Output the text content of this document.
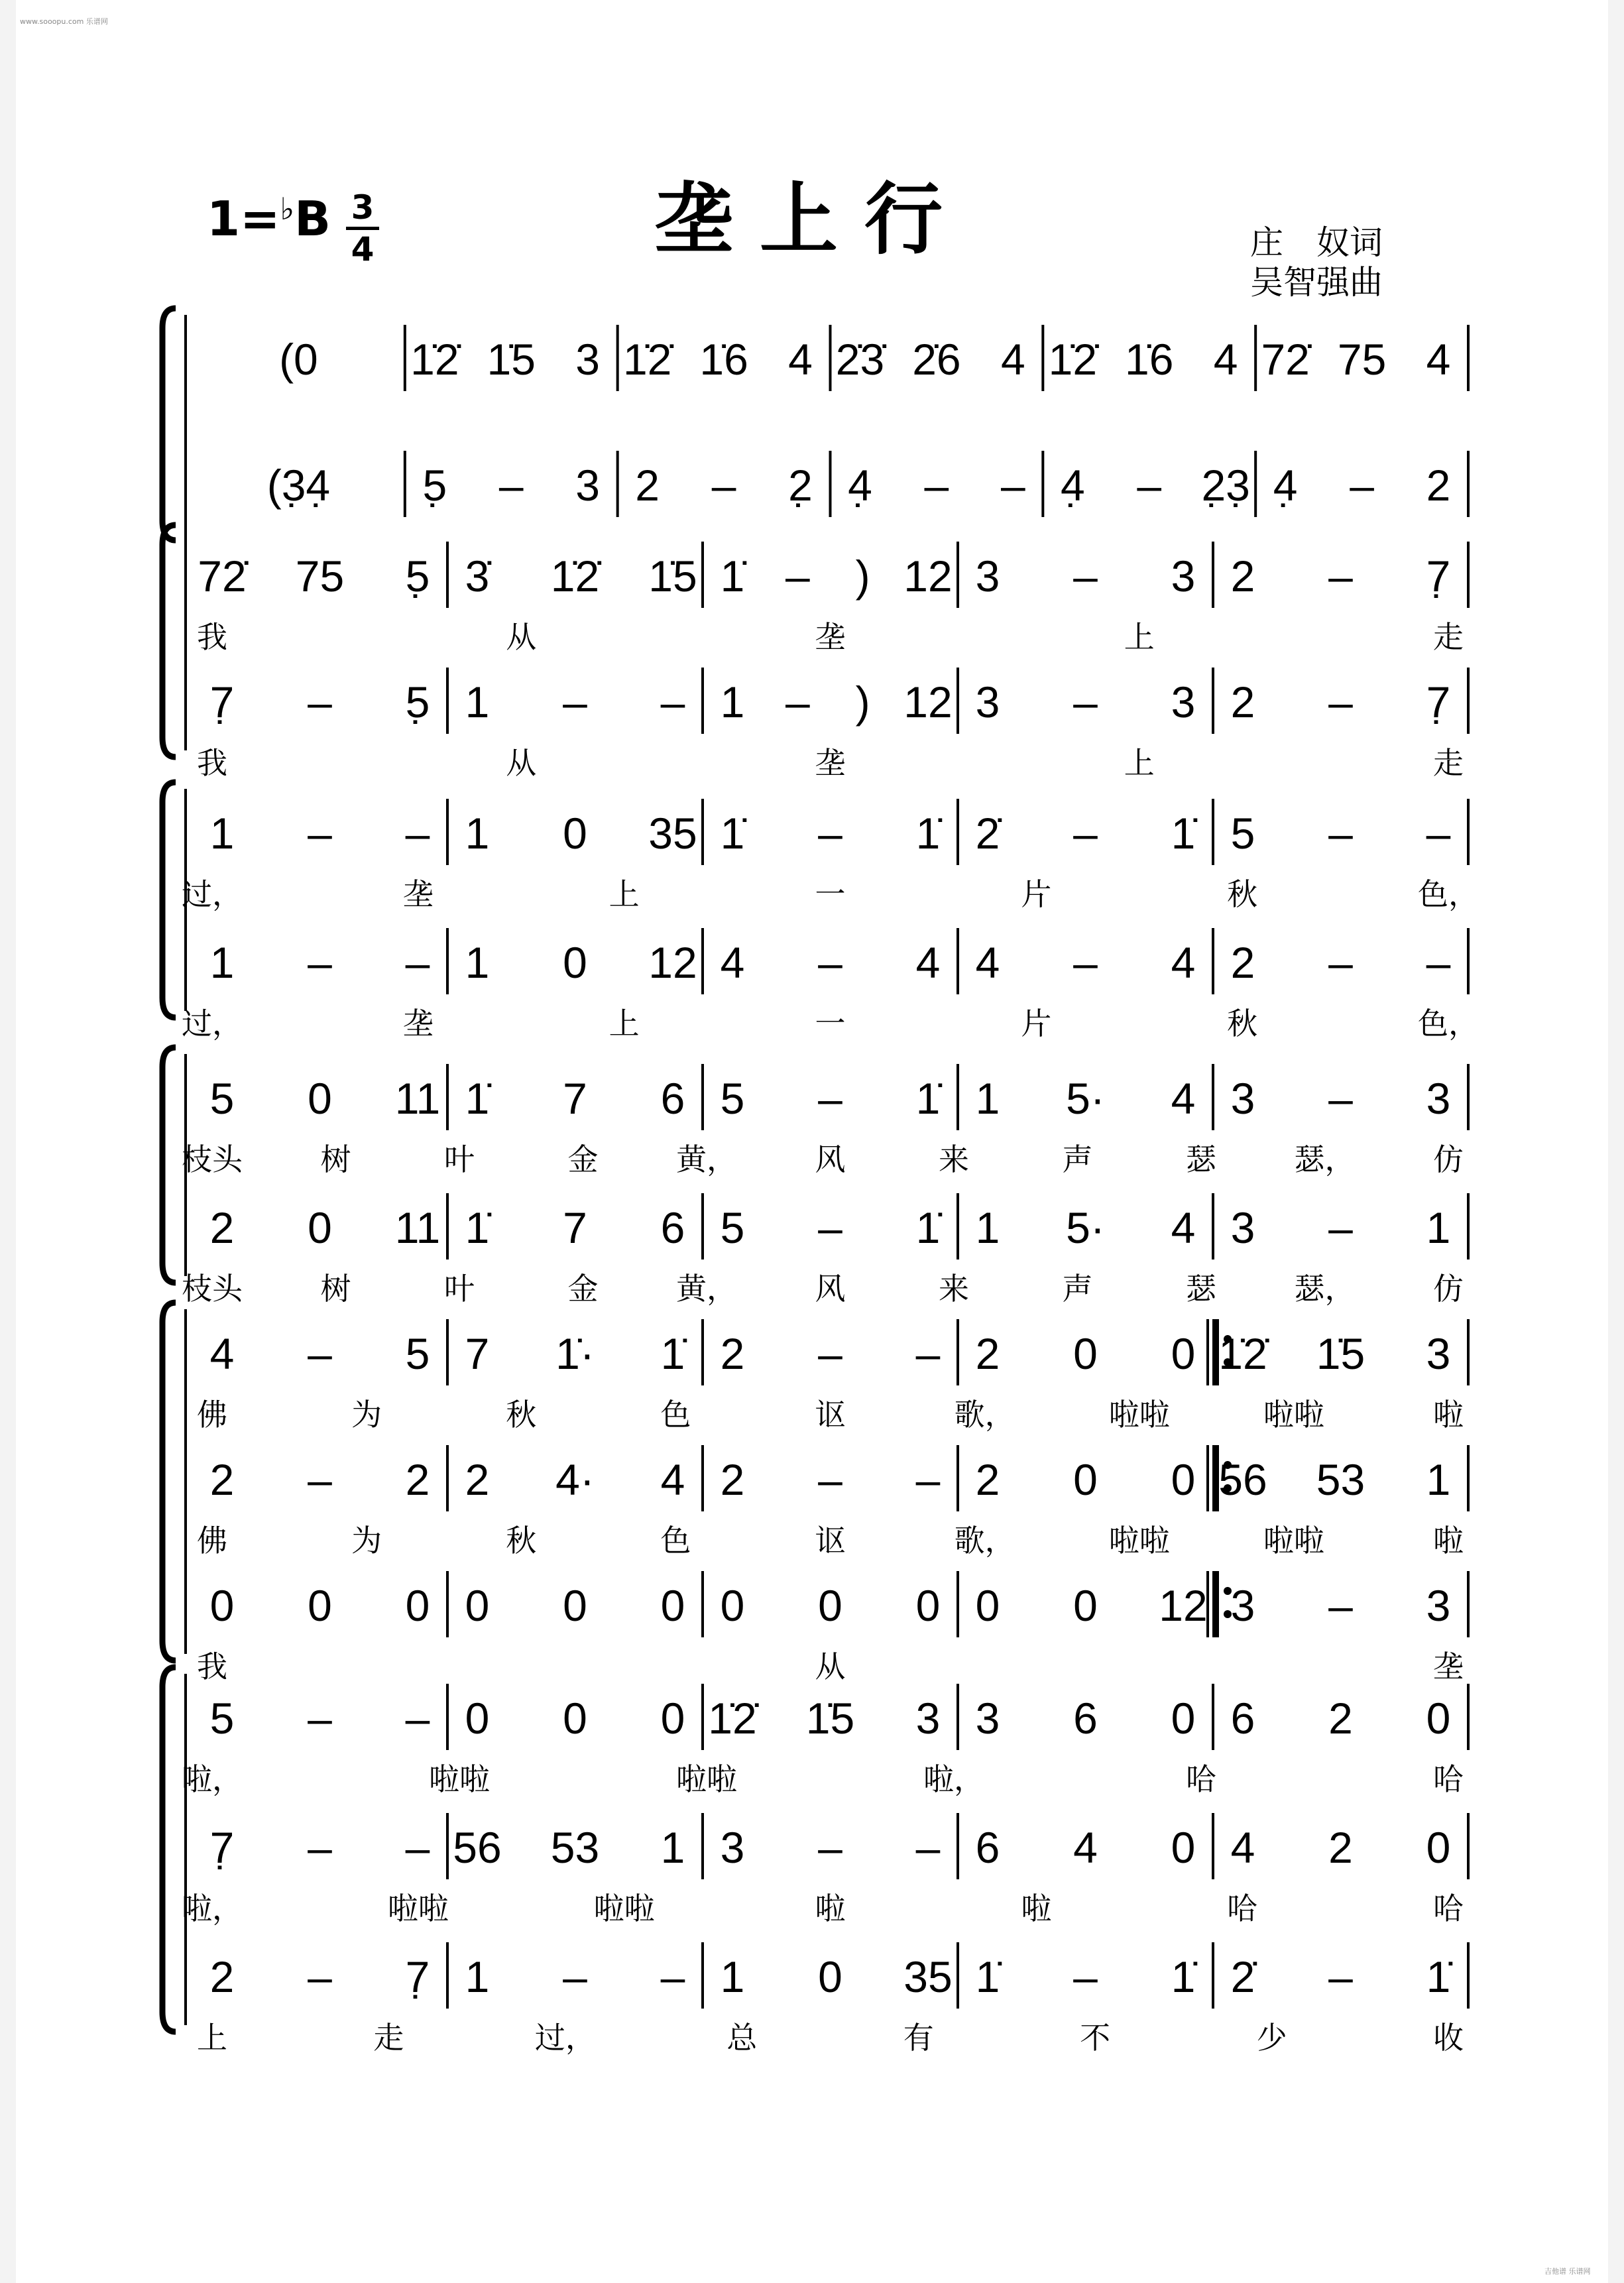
www.sooopu.com 乐谱网
吉他谱 乐谱网
垄上行
1=♭B 3
4	庄　奴词
吴智强曲
(0 1̇2̇ 1̇5 3 1̇2̇ 1̇6 4 2̇3̇ 2̇6 4 1̇2̇ 1̇6 4 72̇ 75 4
(3̣4̣ 5̣ – 3 2 – 2̣ 4̣ – – 4̣ – 2̣3̣ 4̣ – 2
72̇ 75 5̣ 3̇ 1̇2̇ 1̇5 1̇ – ) 12 3 – 3 2 – 7̣
我	从	垄	上	走
7̣ – 5̣ 1 – – 1 – ) 12 3 – 3 2 – 7̣
我	从	垄	上	走
1 – – 1 0 35 1̇ – 1̇ 2̇ – 1̇ 5 – –
过，	垄	上	一	片	秋	色，
1 – – 1 0 12 4 – 4 4 – 4 2 – –
过，	垄	上	一	片	秋	色，
5 0 11 1̇ 7 6 5 – 1̇ 1 5· 4 3 – 3
枝头	树	叶	金	黄，	风	来	声	瑟	瑟，	仿
2 0 11 1̇ 7 6 5 – 1̇ 1 5· 4 3 – 1
枝头	树	叶	金	黄，	风	来	声	瑟	瑟，	仿
4 – 5 7 1̇· 1̇ 2 – – 2 0 0 1̇2̇ 1̇5 3
佛	为	秋	色	讴	歌，	啦啦	啦啦	啦
2 – 2 2 4· 4 2 – – 2 0 0 56 53 1
佛	为	秋	色	讴	歌，	啦啦	啦啦	啦
0 0 0 0 0 0 0 0 0 0 0 12 3 – 3
我	从	垄
5 – – 0 0 0 1̇2̇ 1̇5 3 3 6 0 6 2 0
啦，	啦啦	啦啦	啦，	哈	哈
7̣ – – 56 53 1 3 – – 6 4 0 4 2 0
啦，	啦啦	啦啦	啦	啦	哈	哈
2 – 7̣ 1 – – 1 0 35 1̇ – 1̇ 2̇ – 1̇
上	走	过，	总	有	不	少	收
